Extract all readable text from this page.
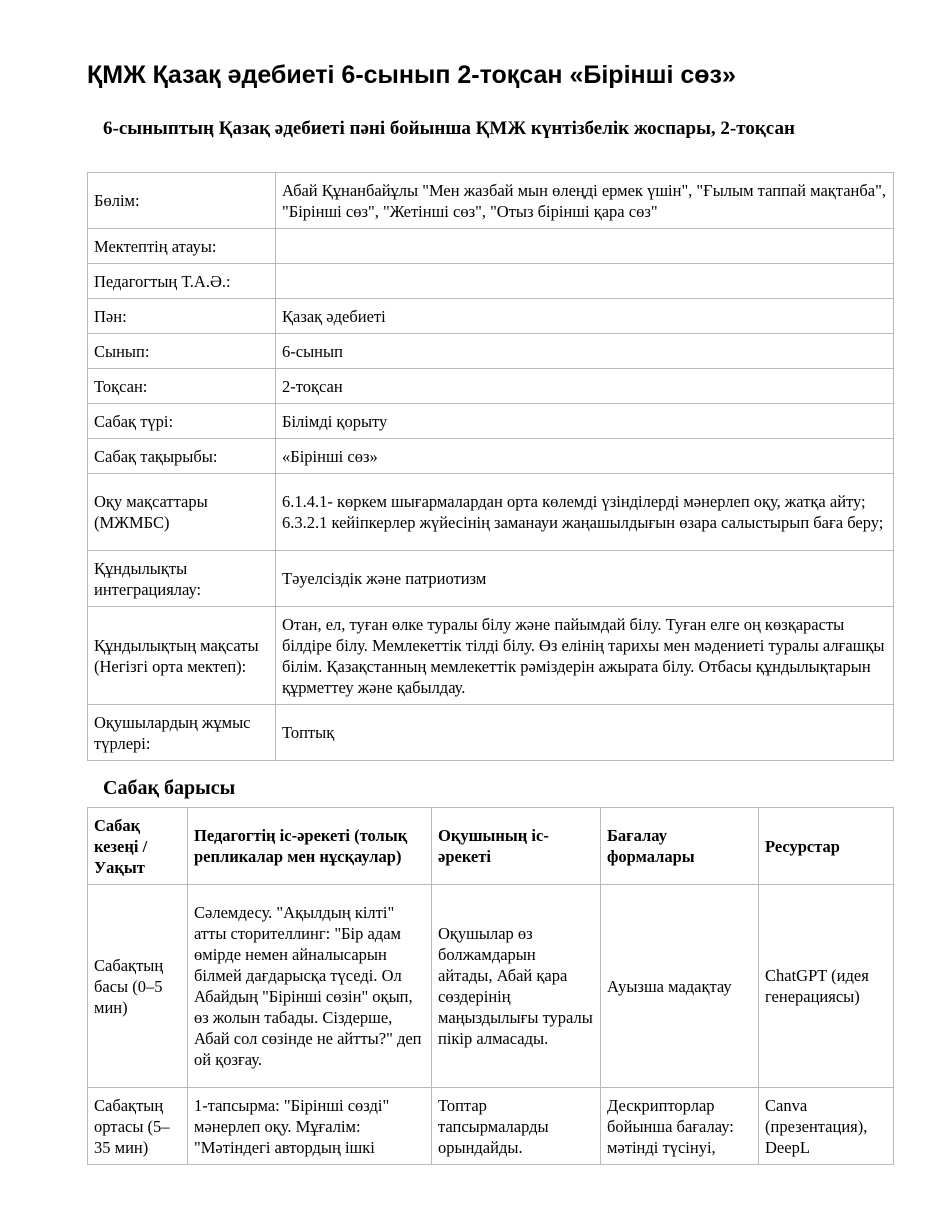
ҚМЖ Қазақ әдебиеті 6-сынып 2-тоқсан «Бірінші сөз»
6-сыныптың Қазақ әдебиеті пәні бойынша ҚМЖ күнтізбелік жоспары, 2-тоқсан
Бөлім:	Абай Құнанбайұлы "Мен жазбай мын өлеңді ермек үшін", "Ғылым таппай мақтанба", "Бірінші сөз", "Жетінші сөз", "Отыз бірінші қара сөз"
Мектептің атауы:	
Педагогтың Т.А.Ә.:	
Пән:	Қазақ әдебиеті
Сынып:	6-сынып
Тоқсан:	2-тоқсан
Сабақ түрі:	Білімді қорыту
Сабақ тақырыбы:	«Бірінші сөз»
Оқу мақсаттары (МЖМБС)	6.1.4.1- көркем шығармалардан орта көлемді үзінділерді мәнерлеп оқу, жатқа айту; 6.3.2.1 кейіпкерлер жүйесінің заманауи жаңашылдығын өзара салыстырып баға беру;
Құндылықты интеграциялау:	Тәуелсіздік және патриотизм
Құндылықтың мақсаты (Негізгі орта мектеп):	Отан, ел, туған өлке туралы білу және пайымдай білу. Туған елге оң көзқарасты білдіре білу. Мемлекеттік тілді білу. Өз елінің тарихы мен мәдениеті туралы алғашқы білім. Қазақстанның мемлекеттік рәміздерін ажырата білу. Отбасы құндылықтарын құрметтеу және қабылдау.
Оқушылардың жұмыс түрлері:	Топтық
Сабақ барысы
Сабақ кезеңі / Уақыт	Педагогтің іс-әрекеті (толық репликалар мен нұсқаулар)	Оқушының іс-әрекеті	Бағалау формалары	Ресурстар
Сабақтың басы (0–5 мин)	Сәлемдесу. "Ақылдың кілті" атты сторителлинг: "Бір адам өмірде немен айналысарын білмей дағдарысқа түседі. Ол Абайдың "Бірінші сөзін" оқып, өз жолын табады. Сіздерше, Абай сол сөзінде не айтты?" деп ой қозғау.	Оқушылар өз болжамдарын айтады, Абай қара сөздерінің маңыздылығы туралы пікір алмасады.	Ауызша мадақтау	ChatGPT (идея генерациясы)
Сабақтың ортасы (5–35 мин)	1-тапсырма: "Бірінші сөзді" мәнерлеп оқу. Мұғалім: "Мәтіндегі автордың ішкі	Топтар тапсырмаларды орындайды.	Дескрипторлар бойынша бағалау: мәтінді түсінуі,	Canva (презентация), DeepL
